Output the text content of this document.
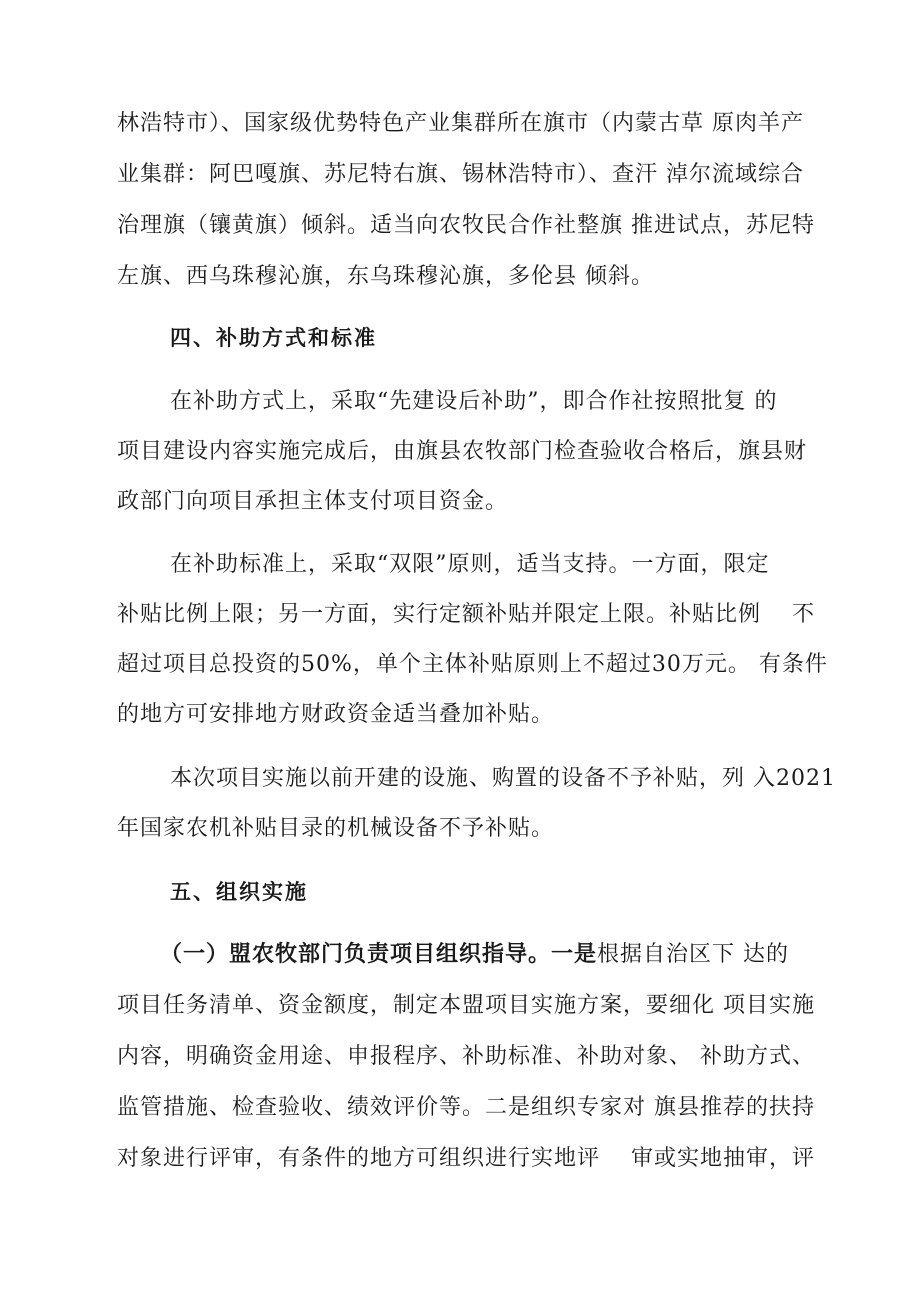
林浩特市）、国家级优势特色产业集群所在旗市（内蒙古草 原肉羊产

业集群：阿巴嘎旗、苏尼特右旗、锡林浩特市）、查汗 淖尔流域综合

治理旗（镶黄旗）倾斜。适当向农牧民合作社整旗 推进试点，苏尼特

左旗、西乌珠穆沁旗，东乌珠穆沁旗，多伦县 倾斜。

四、补助方式和标准

在补助方式上，采取“先建设后补助”，即合作社按照批复 的

项目建设内容实施完成后，由旗县农牧部门检查验收合格后，旗县财

政部门向项目承担主体支付项目资金。

在补助标准上，采取“双限”原则，适当支持。一方面，限定

补贴比例上限；另一方面，实行定额补贴并限定上限。补贴比例　 不

超过项目总投资的50%，单个主体补贴原则上不超过30万元。 有条件

的地方可安排地方财政资金适当叠加补贴。

本次项目实施以前开建的设施、购置的设备不予补贴，列 入2021

年国家农机补贴目录的机械设备不予补贴。

五、组织实施

（一）盟农牧部门负责项目组织指导。一是根据自治区下 达的

项目任务清单、资金额度，制定本盟项目实施方案，要细化 项目实施

内容，明确资金用途、申报程序、补助标准、补助对象、 补助方式、

监管措施、检查验收、绩效评价等。二是组织专家对 旗县推荐的扶持

对象进行评审，有条件的地方可组织进行实地评　 审或实地抽审，评
